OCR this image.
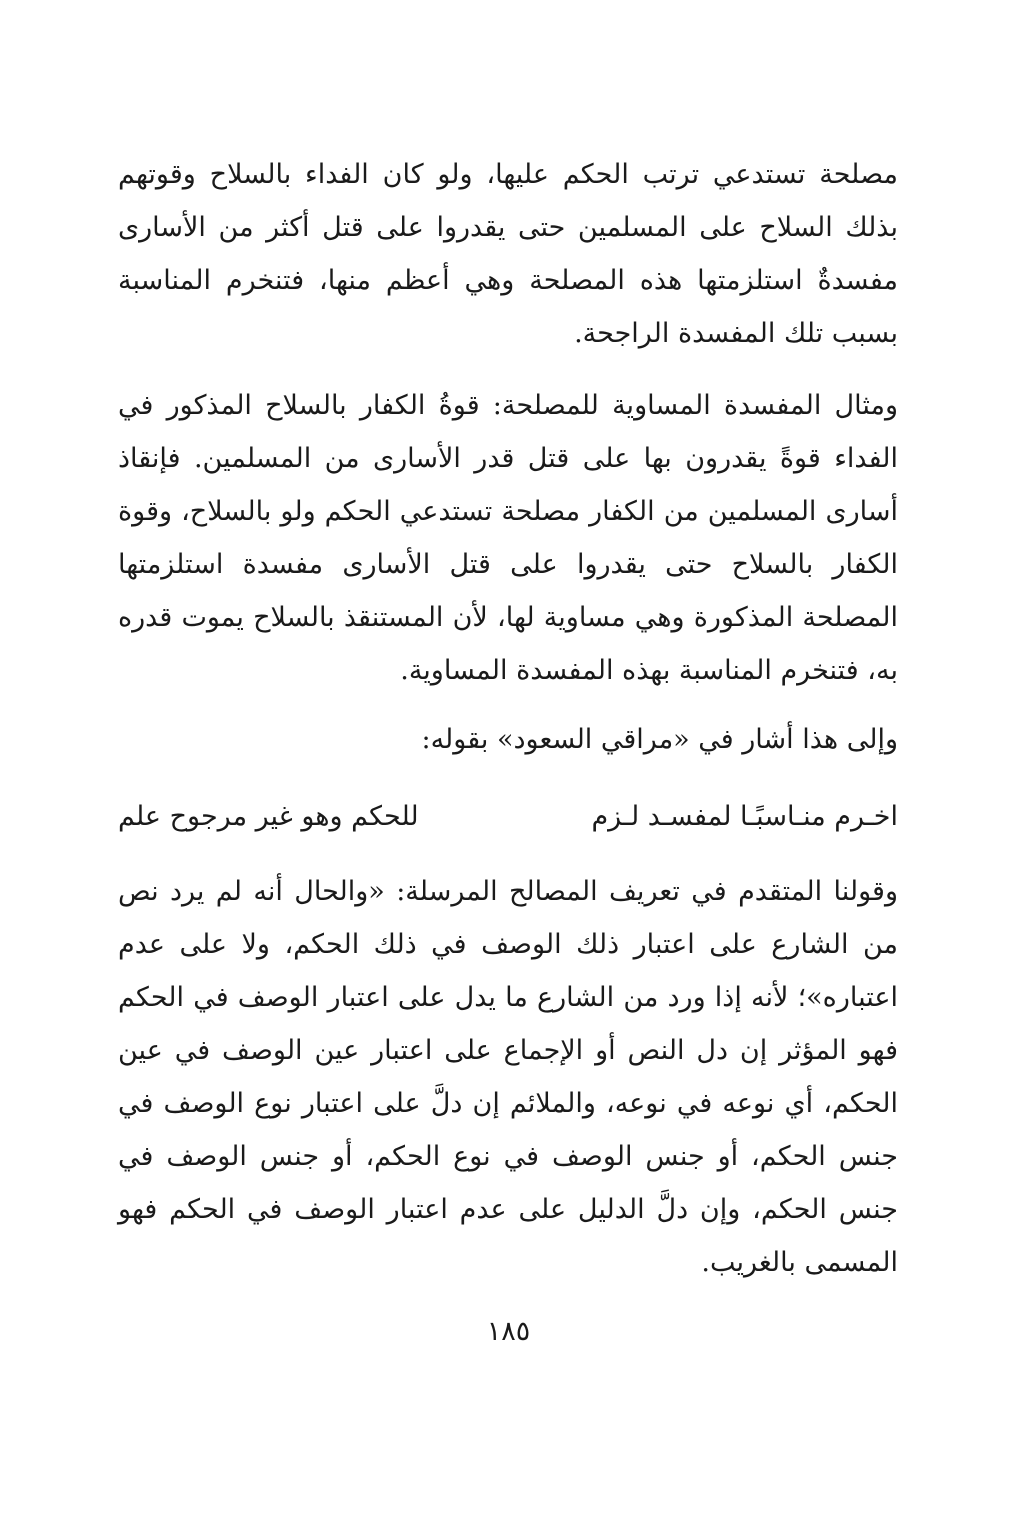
مصلحة تستدعي ترتب الحكم عليها، ولو كان الفداء بالسلاح وقوتهم بذلك السلاح على المسلمين حتى يقدروا على قتل أكثر من الأسارى مفسدةٌ استلزمتها هذه المصلحة وهي أعظم منها، فتنخرم المناسبة بسبب تلك المفسدة الراجحة.

ومثال المفسدة المساوية للمصلحة: قوةُ الكفار بالسلاح المذكور في الفداء قوةً يقدرون بها على قتل قدر الأسارى من المسلمين. فإنقاذ أسارى المسلمين من الكفار مصلحة تستدعي الحكم ولو بالسلاح، وقوة الكفار بالسلاح حتى يقدروا على قتل الأسارى مفسدة استلزمتها المصلحة المذكورة وهي مساوية لها، لأن المستنقذ بالسلاح يموت قدره به، فتنخرم المناسبة بهذه المفسدة المساوية.

وإلى هذا أشار في «مراقي السعود» بقوله:

اخـرم منـاسبًـا لمفسـد لـزم
للحكم وهو غير مرجوح علم

وقولنا المتقدم في تعريف المصالح المرسلة: «والحال أنه لم يرد نص من الشارع على اعتبار ذلك الوصف في ذلك الحكم، ولا على عدم اعتباره»؛ لأنه إذا ورد من الشارع ما يدل على اعتبار الوصف في الحكم فهو المؤثر إن دل النص أو الإجماع على اعتبار عين الوصف في عين الحكم، أي نوعه في نوعه، والملائم إن دلَّ على اعتبار نوع الوصف في جنس الحكم، أو جنس الوصف في نوع الحكم، أو جنس الوصف في جنس الحكم، وإن دلَّ الدليل على عدم اعتبار الوصف في الحكم فهو المسمى بالغريب.

١٨٥
